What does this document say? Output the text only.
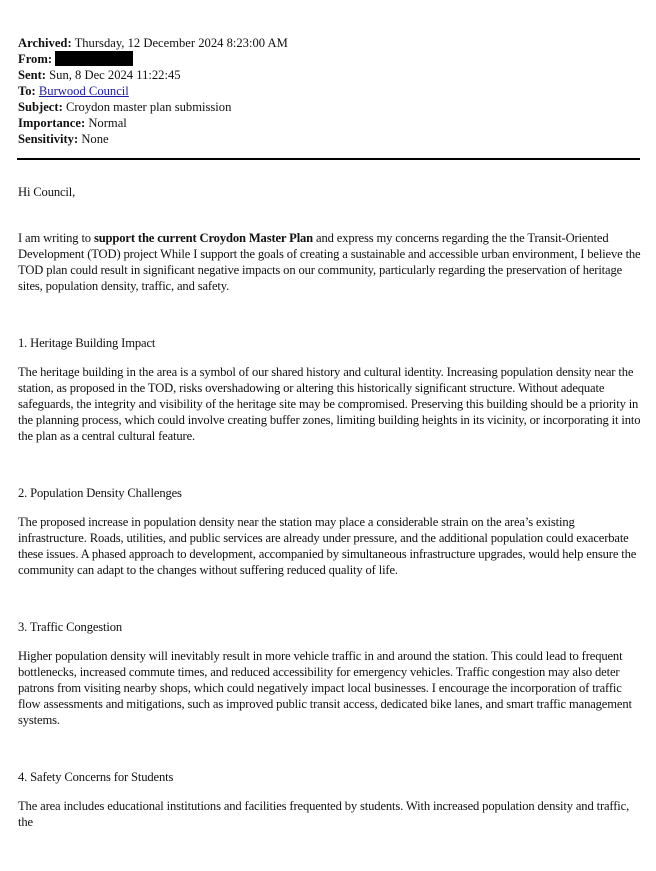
Archived: Thursday, 12 December 2024 8:23:00 AM
From:
Sent: Sun, 8 Dec 2024 11:22:45
To: Burwood Council
Subject: Croydon master plan submission
Importance: Normal
Sensitivity: None

Hi Council,

I am writing to support the current Croydon Master Plan and express my concerns regarding the the Transit-Oriented Development (TOD) project While I support the goals of creating a sustainable and accessible urban environment, I believe the TOD plan could result in significant negative impacts on our community, particularly regarding the preservation of heritage sites, population density, traffic, and safety.

1. Heritage Building Impact

The heritage building in the area is a symbol of our shared history and cultural identity. Increasing population density near the station, as proposed in the TOD, risks overshadowing or altering this historically significant structure. Without adequate safeguards, the integrity and visibility of the heritage site may be compromised. Preserving this building should be a priority in the planning process, which could involve creating buffer zones, limiting building heights in its vicinity, or incorporating it into the plan as a central cultural feature.

2. Population Density Challenges

The proposed increase in population density near the station may place a considerable strain on the area’s existing infrastructure. Roads, utilities, and public services are already under pressure, and the additional population could exacerbate these issues. A phased approach to development, accompanied by simultaneous infrastructure upgrades, would help ensure the community can adapt to the changes without suffering reduced quality of life.

3. Traffic Congestion

Higher population density will inevitably result in more vehicle traffic in and around the station. This could lead to frequent bottlenecks, increased commute times, and reduced accessibility for emergency vehicles. Traffic congestion may also deter patrons from visiting nearby shops, which could negatively impact local businesses. I encourage the incorporation of traffic flow assessments and mitigations, such as improved public transit access, dedicated bike lanes, and smart traffic management systems.

4. Safety Concerns for Students

The area includes educational institutions and facilities frequented by students. With increased population density and traffic, the
